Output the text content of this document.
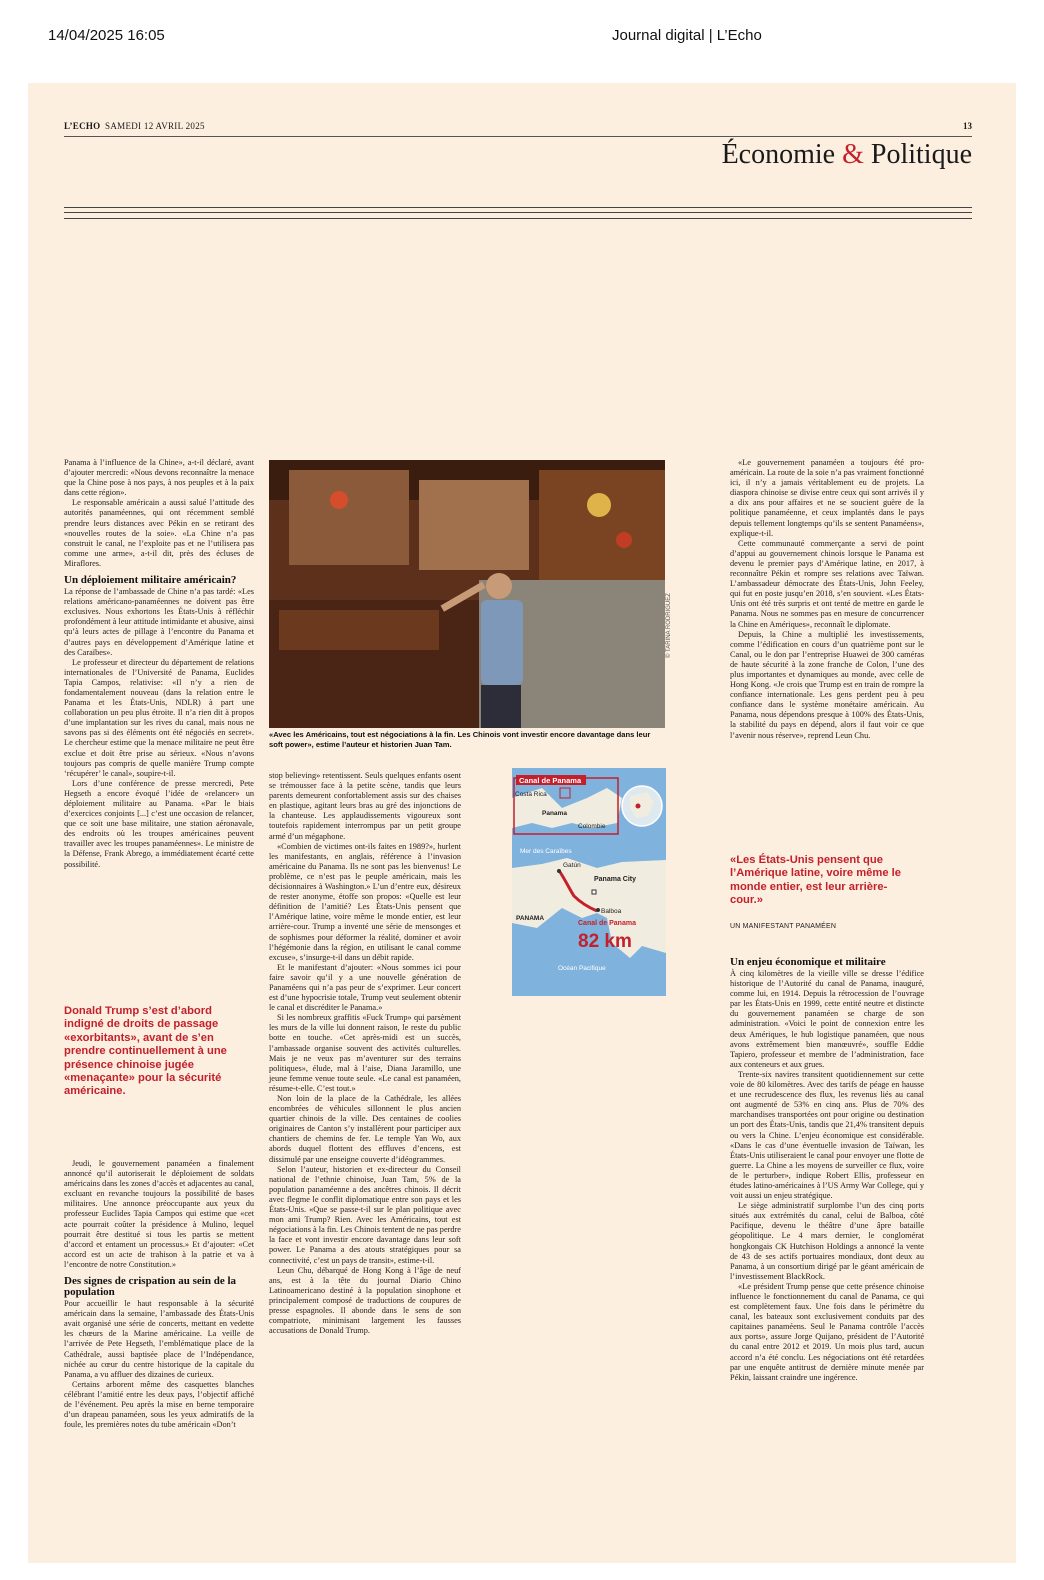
14/04/2025 16:05	Journal digital | L’Echo
L’ECHO SAMEDI 12 AVRIL 2025	13
Économie & Politique

Panama à l’influence de la Chine», a-t-il déclaré, avant d’ajouter mercredi: «Nous devons reconnaître la menace que la Chine pose à nos pays, à nos peuples et à la paix dans cette région».

Le responsable américain a aussi salué l’attitude des autorités panaméennes, qui ont récemment semblé prendre leurs distances avec Pékin en se retirant des «nouvelles routes de la soie». «La Chine n’a pas construit le canal, ne l’exploite pas et ne l’utilisera pas comme une arme», a-t-il dit, près des écluses de Miraflores.

Un déploiement militaire américain?

La réponse de l’ambassade de Chine n’a pas tardé: «Les relations américano-panaméennes ne doivent pas être exclusives. Nous exhortons les États-Unis à réfléchir profondément à leur attitude intimidante et abusive, ainsi qu’à leurs actes de pillage à l’encontre du Panama et d’autres pays en développement d’Amérique latine et des Caraïbes».

Le professeur et directeur du département de relations internationales de l’Université de Panama, Euclides Tapia Campos, relativise: «Il n’y a rien de fondamentalement nouveau (dans la relation entre le Panama et les États-Unis, NDLR) à part une collaboration un peu plus étroite. Il n’a rien dit à propos d’une implantation sur les rives du canal, mais nous ne savons pas si des éléments ont été négociés en secret». Le chercheur estime que la menace militaire ne peut être exclue et doit être prise au sérieux. «Nous n’avons toujours pas compris de quelle manière Trump compte ‘récupérer’ le canal», soupire-t-il.

Lors d’une conférence de presse mercredi, Pete Hegseth a encore évoqué l’idée de «relancer» un déploiement militaire au Panama. «Par le biais d’exercices conjoints [...] c’est une occasion de relancer, que ce soit une base militaire, une station aéronavale, des endroits où les troupes américaines peuvent travailler avec les troupes panaméennes». Le ministre de la Défense, Frank Abrego, a immédiatement écarté cette possibilité.

Donald Trump s’est d’abord indigné de droits de passage «exorbitants», avant de s’en prendre continuellement à une présence chinoise jugée «menaçante» pour la sécurité américaine.

Jeudi, le gouvernement panaméen a finalement annoncé qu’il autoriserait le déploiement de soldats américains dans les zones d’accès et adjacentes au canal, excluant en revanche toujours la possibilité de bases militaires. Une annonce préoccupante aux yeux du professeur Euclides Tapia Campos qui estime que «cet acte pourrait coûter la présidence à Mulino, lequel pourrait être destitué si tous les partis se mettent d’accord et entament un processus.» Et d’ajouter: «Cet accord est un acte de trahison à la patrie et va à l’encontre de notre Constitution.»

Des signes de crispation au sein de la population

Pour accueillir le haut responsable à la sécurité américain dans la semaine, l’ambassade des États-Unis avait organisé une série de concerts, mettant en vedette les chœurs de la Marine américaine. La veille de l’arrivée de Pete Hegseth, l’emblématique place de la Cathédrale, aussi baptisée place de l’Indépendance, nichée au cœur du centre historique de la capitale du Panama, a vu affluer des dizaines de curieux.

Certains arborent même des casquettes blanches célébrant l’amitié entre les deux pays, l’objectif affiché de l’événement. Peu après la mise en berne temporaire d’un drapeau panaméen, sous les yeux admiratifs de la foule, les premières notes du tube américain «Don’t

© TARINA RODRIGUEZ
«Avec les Américains, tout est négociations à la fin. Les Chinois vont investir encore davantage dans leur soft power», estime l’auteur et historien Juan Tam.
Canal de Panama
Costa Rica
Panama
Colombie
Mer des Caraïbes
Gatún
Panama City
Balboa
PANAMA
Canal de Panama
82 km
Océan Pacifique

stop believing» retentissent. Seuls quelques enfants osent se trémousser face à la petite scène, tandis que leurs parents demeurent confortablement assis sur des chaises en plastique, agitant leurs bras au gré des injonctions de la chanteuse. Les applaudissements vigoureux sont toutefois rapidement interrompus par un petit groupe armé d’un mégaphone.

«Combien de victimes ont-ils faites en 1989?», hurlent les manifestants, en anglais, référence à l’invasion américaine du Panama. Ils ne sont pas les bienvenus! Le problème, ce n’est pas le peuple américain, mais les décisionnaires à Washington.» L’un d’entre eux, désireux de rester anonyme, étoffe son propos: «Quelle est leur définition de l’amitié? Les États-Unis pensent que l’Amérique latine, voire même le monde entier, est leur arrière-cour. Trump a inventé une série de mensonges et de sophismes pour déformer la réalité, dominer et avoir l’hégémonie dans la région, en utilisant le canal comme excuse», s’insurge-t-il dans un débit rapide.

Et le manifestant d’ajouter: «Nous sommes ici pour faire savoir qu’il y a une nouvelle génération de Panaméens qui n’a pas peur de s’exprimer. Leur concert est d’une hypocrisie totale, Trump veut seulement obtenir le canal et discréditer le Panama.»

Si les nombreux graffitis «Fuck Trump» qui parsèment les murs de la ville lui donnent raison, le reste du public botte en touche. «Cet après-midi est un succès, l’ambassade organise souvent des activités culturelles. Mais je ne veux pas m’aventurer sur des terrains politiques», élude, mal à l’aise, Diana Jaramillo, une jeune femme venue toute seule. «Le canal est panaméen, résume-t-elle. C’est tout.»

Non loin de la place de la Cathédrale, les allées encombrées de véhicules sillonnent le plus ancien quartier chinois de la ville. Des centaines de coolies originaires de Canton s’y installèrent pour participer aux chantiers de chemins de fer. Le temple Yan Wo, aux abords duquel flottent des effluves d’encens, est dissimulé par une enseigne couverte d’idéogrammes.

Selon l’auteur, historien et ex-directeur du Conseil national de l’ethnie chinoise, Juan Tam, 5% de la population panaméenne a des ancêtres chinois. Il décrit avec flegme le conflit diplomatique entre son pays et les États-Unis. «Que se passe-t-il sur le plan politique avec mon ami Trump? Rien. Avec les Américains, tout est négociations à la fin. Les Chinois tentent de ne pas perdre la face et vont investir encore davantage dans leur soft power. Le Panama a des atouts stratégiques pour sa connectivité, c’est un pays de transit», estime-t-il.

Leun Chu, débarqué de Hong Kong à l’âge de neuf ans, est à la tête du journal Diario Chino Latinoamericano destiné à la population sinophone et principalement composé de traductions de coupures de presse espagnoles. Il abonde dans le sens de son compatriote, minimisant largement les fausses accusations de Donald Trump.

«Le gouvernement panaméen a toujours été pro-américain. La route de la soie n’a pas vraiment fonctionné ici, il n’y a jamais véritablement eu de projets. La diaspora chinoise se divise entre ceux qui sont arrivés il y a dix ans pour affaires et ne se soucient guère de la politique panaméenne, et ceux implantés dans le pays depuis tellement longtemps qu’ils se sentent Panaméens», explique-t-il.

Cette communauté commerçante a servi de point d’appui au gouvernement chinois lorsque le Panama est devenu le premier pays d’Amérique latine, en 2017, à reconnaître Pékin et rompre ses relations avec Taïwan. L’ambassadeur démocrate des États-Unis, John Feeley, qui fut en poste jusqu’en 2018, s’en souvient. «Les États-Unis ont été très surpris et ont tenté de mettre en garde le Panama. Nous ne sommes pas en mesure de concurrencer la Chine en Amériques», reconnaît le diplomate.

Depuis, la Chine a multiplié les investissements, comme l’édification en cours d’un quatrième pont sur le Canal, ou le don par l’entreprise Huawei de 300 caméras de haute sécurité à la zone franche de Colon, l’une des plus importantes et dynamiques au monde, avec celle de Hong Kong. «Je crois que Trump est en train de rompre la confiance internationale. Les gens perdent peu à peu confiance dans le système monétaire américain. Au Panama, nous dépendons presque à 100% des États-Unis, la stabilité du pays en dépend, alors il faut voir ce que l’avenir nous réserve», reprend Leun Chu.

«Les États-Unis pensent que l’Amérique latine, voire même le monde entier, est leur arrière-cour.»
UN MANIFESTANT PANAMÉEN
Un enjeu économique et militaire

À cinq kilomètres de la vieille ville se dresse l’édifice historique de l’Autorité du canal de Panama, inauguré, comme lui, en 1914. Depuis la rétrocession de l’ouvrage par les États-Unis en 1999, cette entité neutre et distincte du gouvernement panaméen se charge de son administration. «Voici le point de connexion entre les deux Amériques, le hub logistique panaméen, que nous avons extrêmement bien manœuvré», souffle Eddie Tapiero, professeur et membre de l’administration, face aux conteneurs et aux grues.

Trente-six navires transitent quotidiennement sur cette voie de 80 kilomètres. Avec des tarifs de péage en hausse et une recrudescence des flux, les revenus liés au canal ont augmenté de 53% en cinq ans. Plus de 70% des marchandises transportées ont pour origine ou destination un port des États-Unis, tandis que 21,4% transitent depuis ou vers la Chine. L’enjeu économique est considérable. «Dans le cas d’une éventuelle invasion de Taïwan, les États-Unis utiliseraient le canal pour envoyer une flotte de guerre. La Chine a les moyens de surveiller ce flux, voire de le perturber», indique Robert Ellis, professeur en études latino-américaines à l’US Army War College, qui y voit aussi un enjeu stratégique.

Le siège administratif surplombe l’un des cinq ports situés aux extrémités du canal, celui de Balboa, côté Pacifique, devenu le théâtre d’une âpre bataille géopolitique. Le 4 mars dernier, le conglomérat hongkongais CK Hutchison Holdings a annoncé la vente de 43 de ses actifs portuaires mondiaux, dont deux au Panama, à un consortium dirigé par le géant américain de l’investissement BlackRock.

«Le président Trump pense que cette présence chinoise influence le fonctionnement du canal de Panama, ce qui est complètement faux. Une fois dans le périmètre du canal, les bateaux sont exclusivement conduits par des capitaines panaméens. Seul le Panama contrôle l’accès aux ports», assure Jorge Quijano, président de l’Autorité du canal entre 2012 et 2019. Un mois plus tard, aucun accord n’a été conclu. Les négociations ont été retardées par une enquête antitrust de dernière minute menée par Pékin, laissant craindre une ingérence.
